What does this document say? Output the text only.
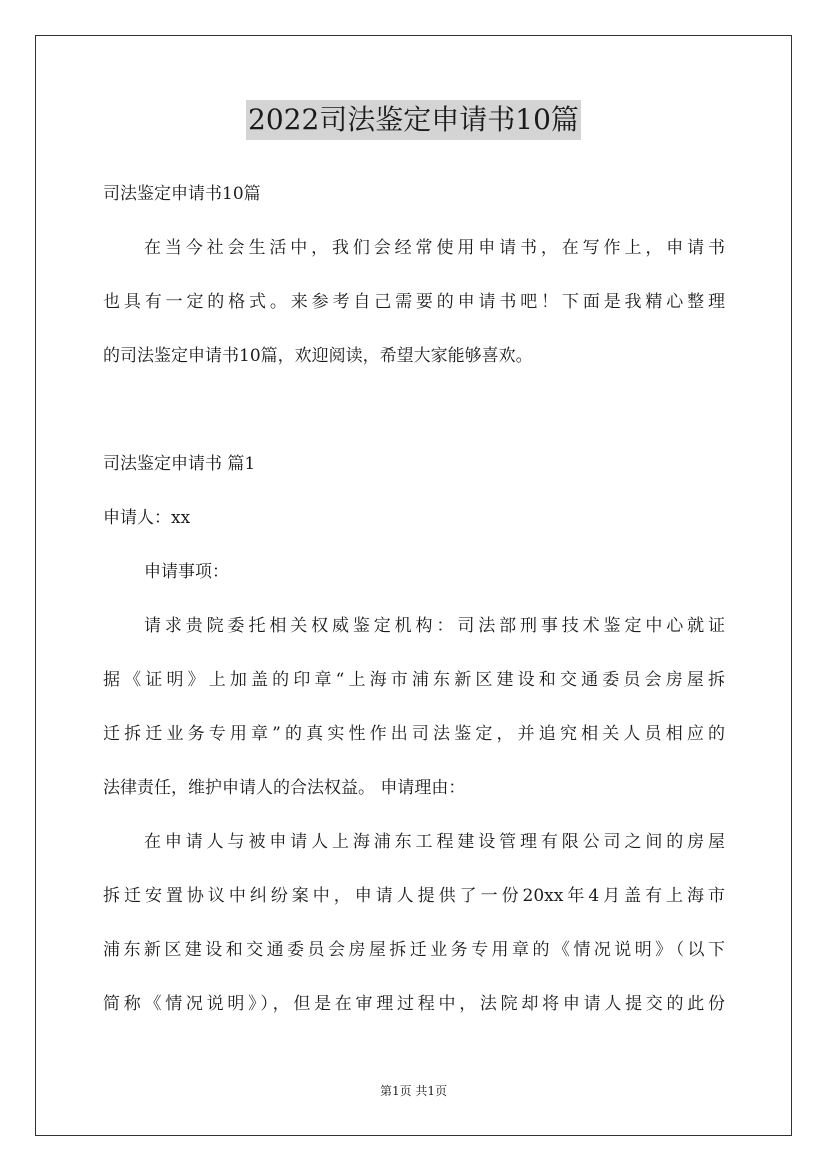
2022司法鉴定申请书10篇
司法鉴定申请书10篇
在当今社会生活中，我们会经常使用申请书，在写作上，申请书
也具有一定的格式。来参考自己需要的申请书吧！下面是我精心整理
的司法鉴定申请书10篇，欢迎阅读，希望大家能够喜欢。
司法鉴定申请书 篇1
申请人：xx
申请事项：
请求贵院委托相关权威鉴定机构：司法部刑事技术鉴定中心就证
据《证明》上加盖的印章“上海市浦东新区建设和交通委员会房屋拆
迁拆迁业务专用章”的真实性作出司法鉴定，并追究相关人员相应的
法律责任，维护申请人的合法权益。 申请理由：
在申请人与被申请人上海浦东工程建设管理有限公司之间的房屋
拆迁安置协议中纠纷案中，申请人提供了一份20xx年4月盖有上海市
浦东新区建设和交通委员会房屋拆迁业务专用章的《情况说明》（以下
简称《情况说明》），但是在审理过程中，法院却将申请人提交的此份
第1页 共1页
